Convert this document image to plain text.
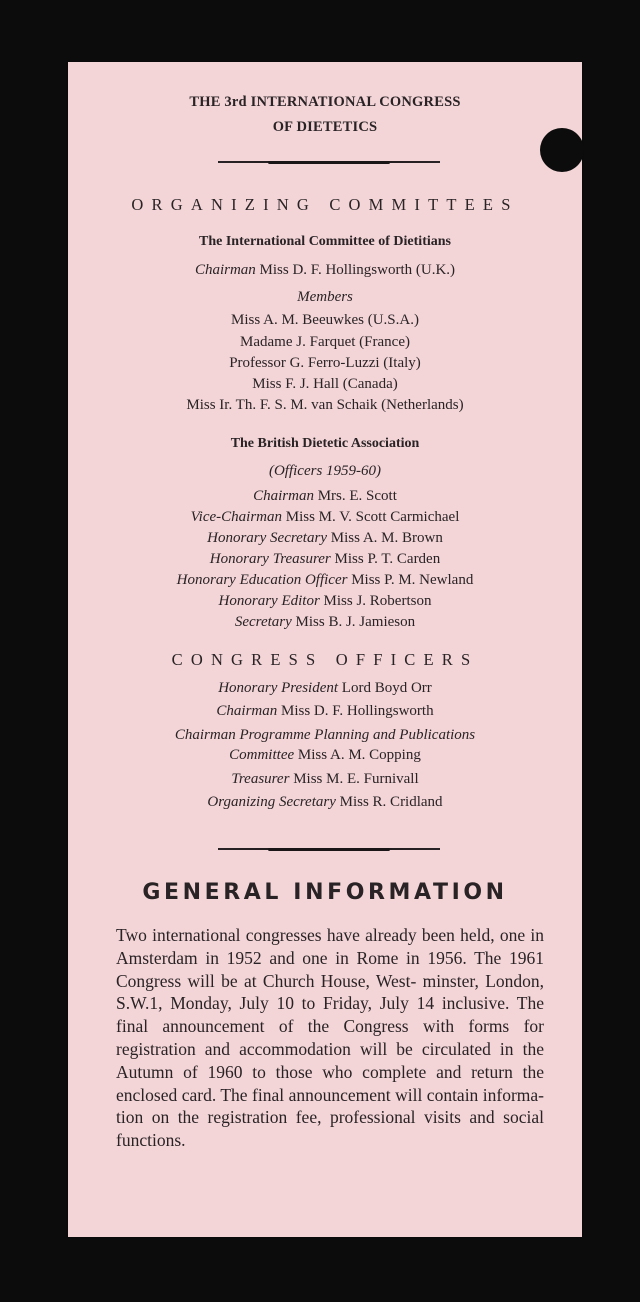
THE 3rd INTERNATIONAL CONGRESS
OF DIETETICS
ORGANIZING COMMITTEES
The International Committee of Dietitians
Chairman Miss D. F. Hollingsworth (U.K.)
Members
Miss A. M. Beeuwkes (U.S.A.)
Madame J. Farquet (France)
Professor G. Ferro-Luzzi (Italy)
Miss F. J. Hall (Canada)
Miss Ir. Th. F. S. M. van Schaik (Netherlands)
The British Dietetic Association
(Officers 1959-60)
Chairman Mrs. E. Scott
Vice-Chairman Miss M. V. Scott Carmichael
Honorary Secretary Miss A. M. Brown
Honorary Treasurer Miss P. T. Carden
Honorary Education Officer Miss P. M. Newland
Honorary Editor Miss J. Robertson
Secretary Miss B. J. Jamieson
CONGRESS OFFICERS
Honorary President Lord Boyd Orr
Chairman Miss D. F. Hollingsworth
Chairman Programme Planning and Publications
Committee Miss A. M. Copping
Treasurer Miss M. E. Furnivall
Organizing Secretary Miss R. Cridland
GENERAL INFORMATION
Two international congresses have already been held, one in Amsterdam in 1952 and one in Rome in 1956. The 1961 Congress will be at Church House, West- minster, London, S.W.1, Monday, July 10 to Friday, July 14 inclusive. The final announcement of the Congress with forms for registration and accommodation will be circulated in the Autumn of 1960 to those who complete and return the enclosed card. The final announcement will contain informa- tion on the registration fee, professional visits and social functions.
